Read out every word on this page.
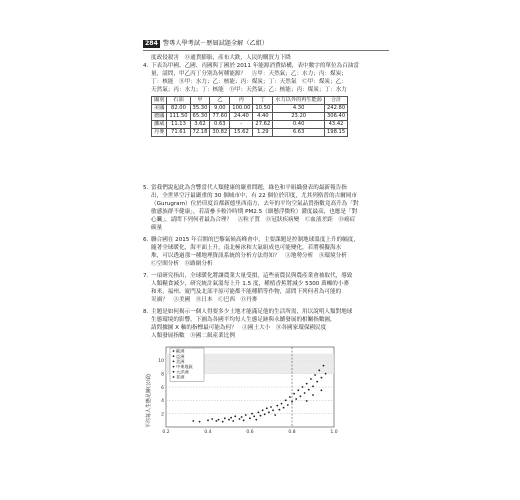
284 警專人學考試－歷屆試題全解（乙組）
度政侵殺害　Ⓓ通貨膨脹，產布大跌，人民的購買力下降
4. 下表為甲國、乙國、丙國與丁國於 2011 年能源消費結構，表中數字的單位為百油當
量，請問，甲乙丙丁分別為何種能源？　Ⓐ甲：天然氣；乙：水力；丙：煤炭；
丁：核能　Ⓑ甲：水力；乙：核能；丙：煤炭；丁：天然氣　Ⓒ甲：煤炭；乙：
天然氣；丙：水力；丁：核能　Ⓓ甲：天然氣；乙：核能；丙：煤炭；丁：水力
國別	石油	甲	乙	丙	丁	水力以外的再生能源	合計
美國	82.00	35.30	9.00	100.00	10.50	4.30	242.80
德國	111.50	65.30	77.60	24.40	4.40	23.20	306.40
挪威	11.13	3.62	0.63	-	27.62	0.40	43.42
丹麥	71.61	72.18	30.82	15.62	1.29	6.63	198.15
5. 當我們說起此為含響當代人類健康的嚴重問題，綠色和平組織發表的最新報告指
出，全世界空汙最嚴重的 30 個城市中，有 22 個位於印度，尤其列格普的古爾岡市
（Gurugram）位於印度首都新德里西南方，去年的平均空氣品質指數竟高升為「對
敏感族群不健康」，若請參卡較冷時期 PM2.5（細懸浮微粒）濃度最高，也應是「對
心臟」，請問下列何者最為合理？　Ⓐ粒子質　Ⓑ冠狀疾病變　Ⓒ血液差距　Ⓓ癌症
碳量
6. 聯合國在 2015 年召開的巴黎氣候高峰會中，主要課題是控制地球溫度上升的幅度，
隨著全球暖化，海平面上升，南北極冰和大氣組成也可能變化，若將模擬海水
堆，可以透過那一種地理資訊系統的分析方法得知？　Ⓐ地勢分析　Ⓑ環境分析
Ⓒ空間分析　Ⓓ路網分析
7. 一項研究指出，全球暖化將讓農業大量受損，這些前農民與農產業會被取代，導致
人類糧食減少，研究統計氣溫每上升 1.5 度，種植香蕉將減少 5300 萬噸的小麥
和米，福州、廈門及北部平原可能都不能種稻等作物，請問下列何者為可能的
災禍？　Ⓐ美國　Ⓑ日本　Ⓒ巴西　Ⓓ丹麥
8. 主題是如何揭示一個人得要多少土地才能滿足他的生活所需，用以說明人類對地球
生態環境的影響，下圖為各國平均每人生態足跡與永續發展的相關指數圖，
請問據圖 X 軸的指標最可能為何？　Ⓐ國土大小　Ⓑ各國家環保國民度
人類發展指數　Ⓓ國二級產業比例
平均每人生態足跡(公頃) 2
4
6
8
10
0.2	0.4	0.6	0.8	1.0
歐洲
亞洲
美洲
中東地區
大洋洲
非洲
